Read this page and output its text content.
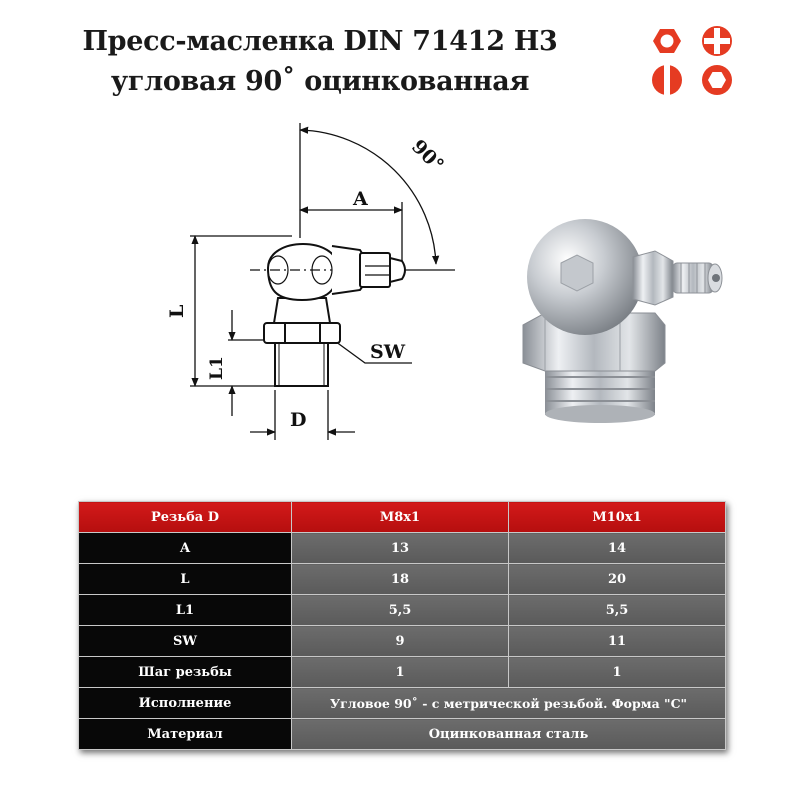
Пресс-масленка DIN 71412 H3
угловая 90˚ оцинкованная
A
90°
L
L1
SW
D
Резьба D	M8x1	M10x1
A	13	14
L	18	20
L1	5,5	5,5
SW	9	11
Шаг резьбы	1	1
Исполнение	Угловое 90˚ - с метрической резьбой. Форма "С"	
Материал	Оцинкованная сталь	
